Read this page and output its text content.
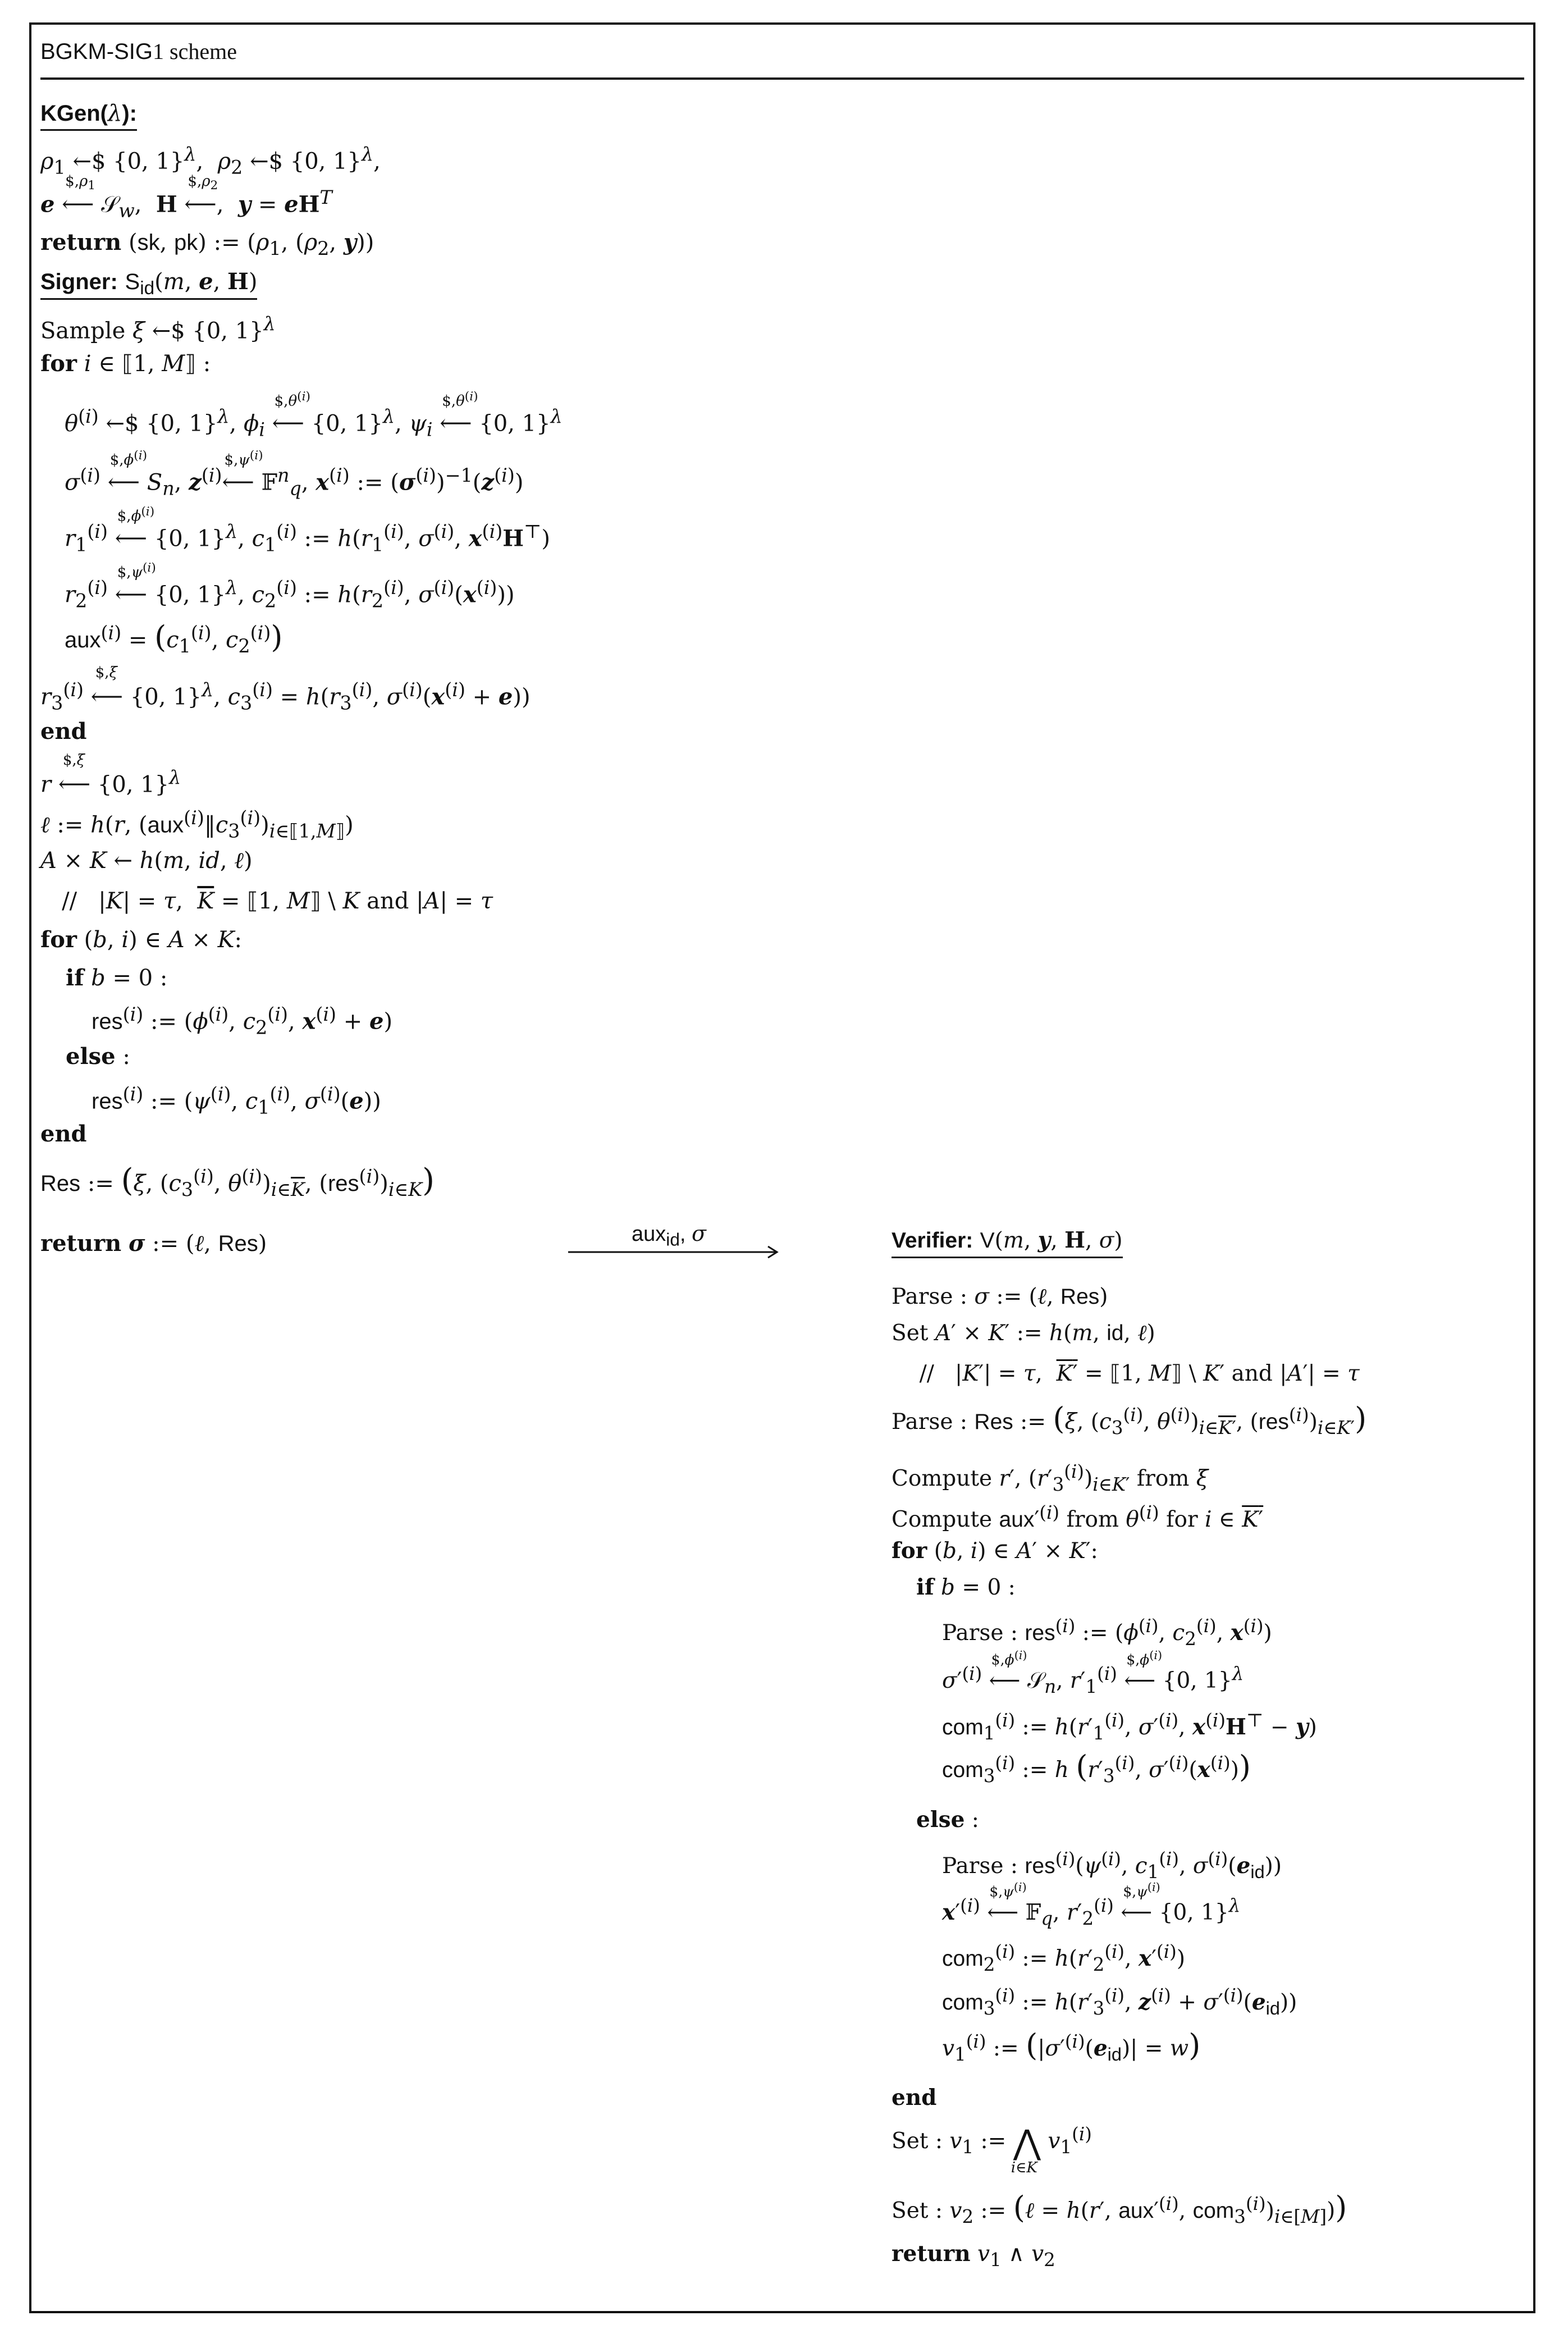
BGKM-SIG1 scheme
KGen(λ):
$\rho_1$ ←$ {0, 1}$^\lambda$,  $\rho_2$ ←$ {0, 1}$^\lambda$,
e ⟵
$\$,\rho_1$
𝒮$_w$,  H ⟵
$\$,\rho_2$
,  $y = eH^T$
return (sk, pk) := ($\rho_1$, ($\rho_2$, y))
Signer: $S_{id}(m$, e, H)
Sample ξ ←$ {0, 1}$^\lambda$
for i ∈ ⟦1, M⟧ :
$\theta^{(i)}$ ←$ {0, 1}$^\lambda$, $\phi_i$ ⟵
$\$,\theta^{(i)}$
{0, 1}$^\lambda$, $\psi_i$ ⟵
$\$,\theta^{(i)}$
{0, 1}$^\lambda$
$\sigma^{(i)}$ ⟵
$\$,\phi^{(i)}$
$S_n$, $z^{(i)}⟵$
$\$,\psi^{(i)}$
𝔽$^n_q$, $x^{(i)}$ := $(\sigma^{(i)})^{-1}(z^{(i)})$
$r_1^{(i)}$ ⟵
$\$,\phi^{(i)}$
{0, 1}$^\lambda$, $c_1^{(i)}$ := $h(r_1^{(i)}$, $\sigma^{(i)}$, $x^{(i)}H^⊤$)
$r_2^{(i)}$ ⟵
$\$,\psi^{(i)}$
{0, 1}$^\lambda$, $c_2^{(i)}$ := $h(r_2^{(i)}$, $\sigma^{(i)}(x^{(i)})$)
$aux^{(i)} = (c_1^{(i)}$, $c_2^{(i)}$)
$r_3^{(i)}$ ⟵
$,ξ
{0, 1}$^\lambda$, $c_3^{(i)} = h(r_3^{(i)}$, $\sigma^{(i)}(x^{(i)} + e)$)
end
r ⟵
$,ξ
{0, 1}$^\lambda$
ℓ := h(r, $(aux^{(i)}‖c_3^{(i)})_{i\in⟦1,M⟧}$)
A × K ← h(m, id, ℓ)
//   |K| = τ,  $\overline{K}$ = ⟦1, M⟧ \ K and |A| = τ
for (b, i) ∈ A × K:
if b = 0 :
res$^{(i)}$ := ($\phi^{(i)}$, $c_2^{(i)}$, $x^{(i)} + e$)
else :
res$^{(i)}$ := ($\psi^{(i)}$, $c_1^{(i)}$, $\sigma^{(i)}(e)$)
end
Res := (ξ, ($c_3^{(i)}$, $\theta^{(i)})_{i\in\overline{K}}$, $(res^{(i)})_{i\in K}$)
return σ := (ℓ, Res)	aux$_{id}$, σ	Verifier: V(m, y, H, σ)
Parse : σ := (ℓ, Res)
Set A′ × K′ := h(m, id, ℓ)
//   |K′| = τ,  K′ = ⟦1, M⟧ \ K′ and |A′| = τ
Parse : Res := (ξ, ($c_3^{(i)}$, $\theta^{(i)})_{i\in K'}$, $(res^{(i)})_{i\in K'}$)
Compute r′, $(r'_3^{(i)})_{i\in K'}$ from ξ
Compute $aux'^{(i)}$ from $\theta^{(i)}$ for i ∈ K′
for (b, i) ∈ A′ × K′:
if b = 0 :
Parse : res$^{(i)}$ := ($\phi^{(i)}$, $c_2^{(i)}$, $x^{(i)}$)
$\sigma'^{(i)}$ ⟵
$\$,\phi^{(i)}$
𝒮$_n$, $r'_1^{(i)}$ ⟵
$\$,\phi^{(i)}$
{0, 1}$^\lambda$
com$_1^{(i)}$ := $h(r'_1^{(i)}$, $\sigma'^{(i)}$, $x^{(i)}H^⊤ - y$)
com$_3^{(i)}$ := h ($r'_3^{(i)}$, $\sigma'^{(i)}(x^{(i)})$)
else :
Parse : $res^{(i)}(\psi^{(i)}$, $c_1^{(i)}$, $\sigma^{(i)}(e_{id})$)
$x'^{(i)}$ ⟵
$\$,\psi^{(i)}$
𝔽$_q$, $r'_2^{(i)}$ ⟵
$\$,\psi^{(i)}$
{0, 1}$^\lambda$
com$_2^{(i)}$ := $h(r'_2^{(i)}$, $x'^{(i)}$)
com$_3^{(i)}$ := $h(r'_3^{(i)}$, $z^{(i)} + \sigma'^{(i)}(e_{id})$)
$v_1^{(i)}$ := $(|\sigma'^{(i)}(e_{id})| = w)$
end
Set : $v_1$ := ⋀
i∈K
$v_1^{(i)}$
Set : $v_2$ := (ℓ = h(r′, $aux'^{(i)}$, $com_3^{(i)})_{i\in[M]}$))
return $v_1$ ∧ $v_2$
